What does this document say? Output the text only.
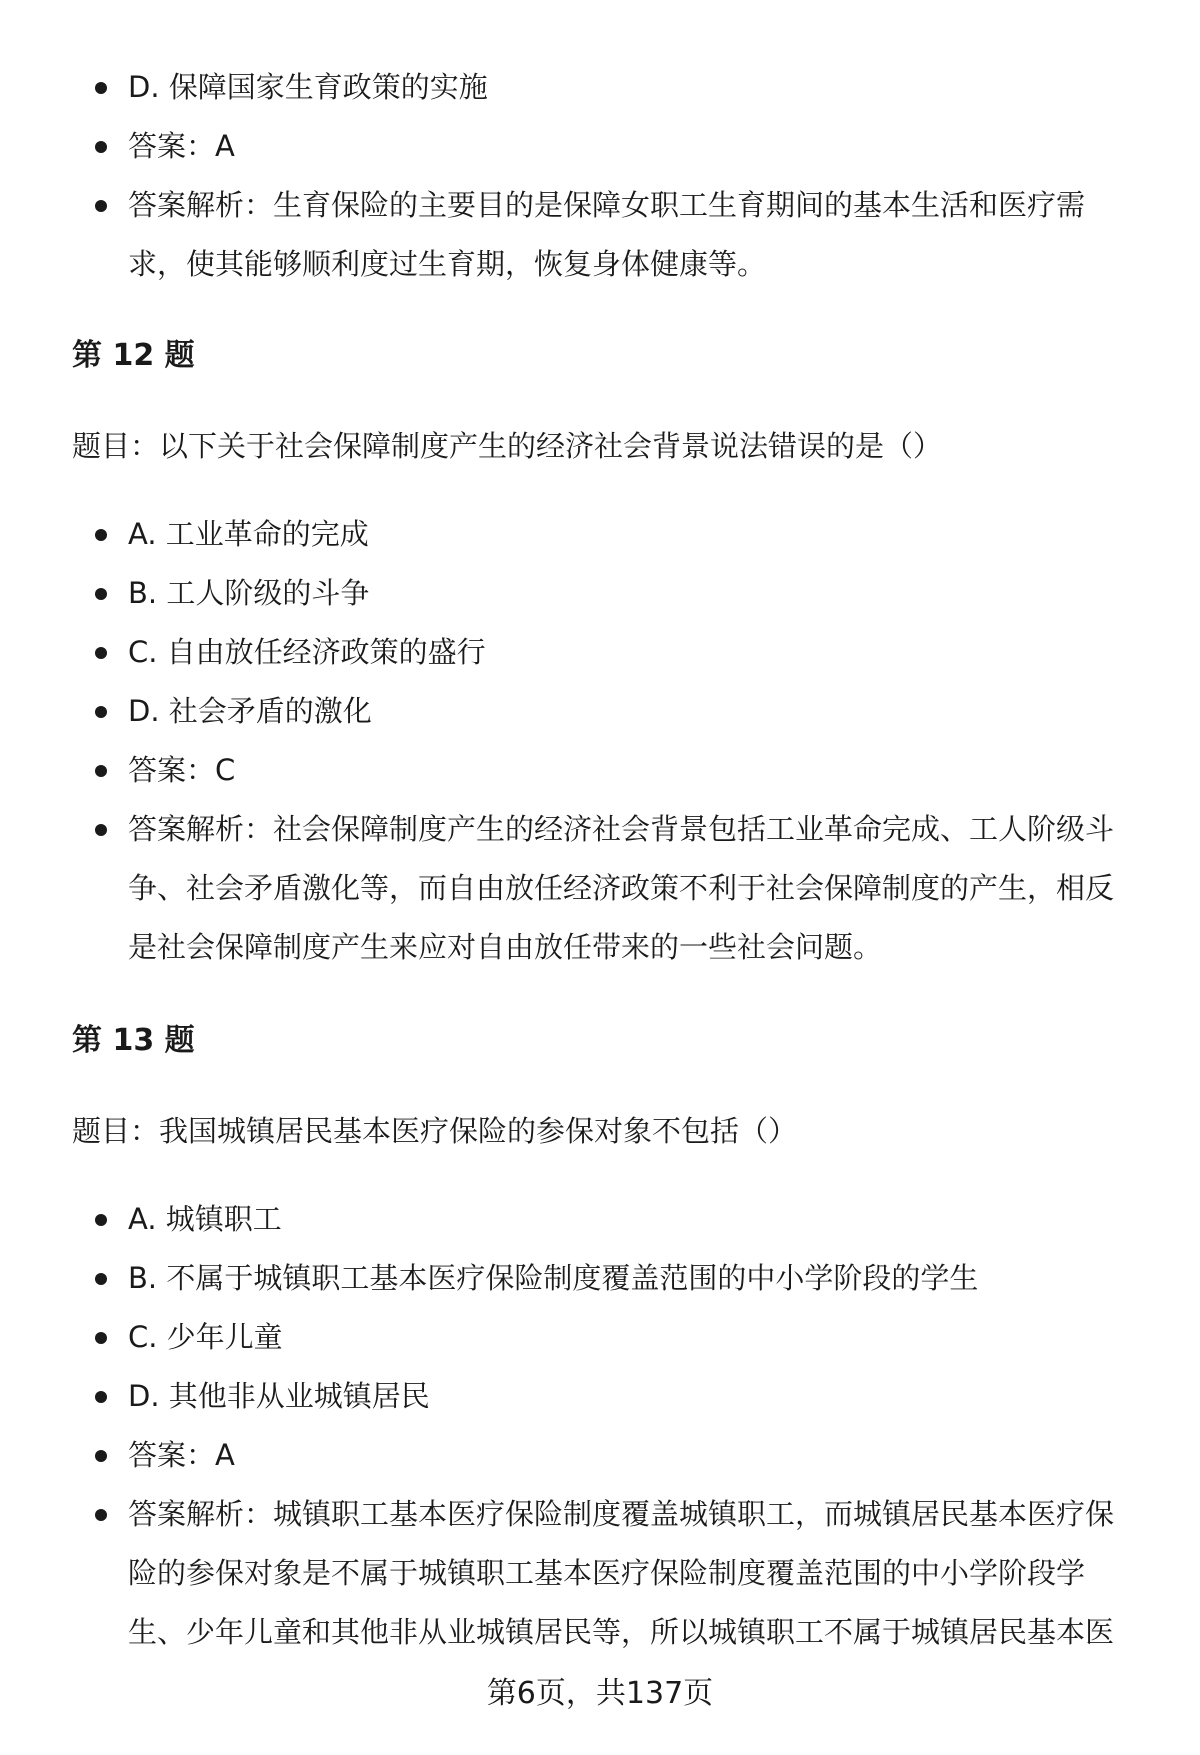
D. 保障国家生育政策的实施
答案：A
答案解析：生育保险的主要目的是保障女职工生育期间的基本生活和医疗需求，使其能够顺利度过生育期，恢复身体健康等。
第 12 题
题目：以下关于社会保障制度产生的经济社会背景说法错误的是（）
A. 工业革命的完成
B. 工人阶级的斗争
C. 自由放任经济政策的盛行
D. 社会矛盾的激化
答案：C
答案解析：社会保障制度产生的经济社会背景包括工业革命完成、工人阶级斗争、社会矛盾激化等，而自由放任经济政策不利于社会保障制度的产生，相反是社会保障制度产生来应对自由放任带来的一些社会问题。
第 13 题
题目：我国城镇居民基本医疗保险的参保对象不包括（）
A. 城镇职工
B. 不属于城镇职工基本医疗保险制度覆盖范围的中小学阶段的学生
C. 少年儿童
D. 其他非从业城镇居民
答案：A
答案解析：城镇职工基本医疗保险制度覆盖城镇职工，而城镇居民基本医疗保险的参保对象是不属于城镇职工基本医疗保险制度覆盖范围的中小学阶段学生、少年儿童和其他非从业城镇居民等，所以城镇职工不属于城镇居民基本医
第6页，共137页
